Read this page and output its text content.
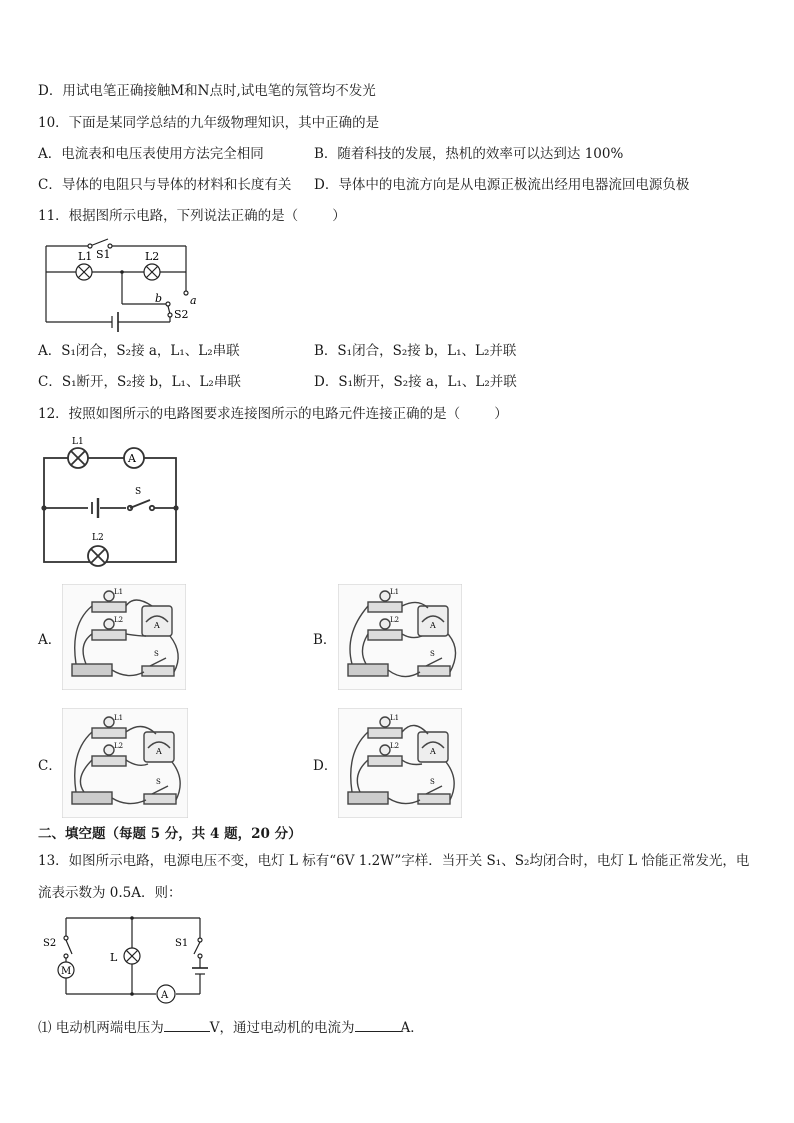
D．用试电笔正确接触M和N点时,试电笔的氖管均不发光
10．下面是某同学总结的九年级物理知识，其中正确的是
A．电流表和电压表使用方法完全相同	B．随着科技的发展，热机的效率可以达到达 100%
C．导体的电阻只与导体的材料和长度有关 D．导体中的电流方向是从电源正极流出经用电器流回电源负极
11．根据图所示电路，下列说法正确的是（	）
S1
L1	L2
a
b
S2
A．S₁闭合，S₂接 a，L₁、L₂串联	B．S₁闭合，S₂接 b，L₁、L₂并联
C．S₁断开，S₂接 b，L₁、L₂串联	D．S₁断开，S₂接 a，L₁、L₂并联
12．按照如图所示的电路图要求连接图所示的电路元件连接正确的是（	）
A
L1
L2
S
A．	B．
C．	D．
L1
L2
A
S
L1
L2
A
S
L1
L2
A
S
L1
L2
A
S
二、填空题（每题 5 分，共 4 题，20 分）
13．如图所示电路，电源电压不变，电灯 L 标有“6V 1.2W”字样．当开关 S₁、S₂均闭合时，电灯 L 恰能正常发光，电
流表示数为 0.5A．则：
M
A
S2
L
S1
⑴ 电动机两端电压为	V，通过电动机的电流为	A．
